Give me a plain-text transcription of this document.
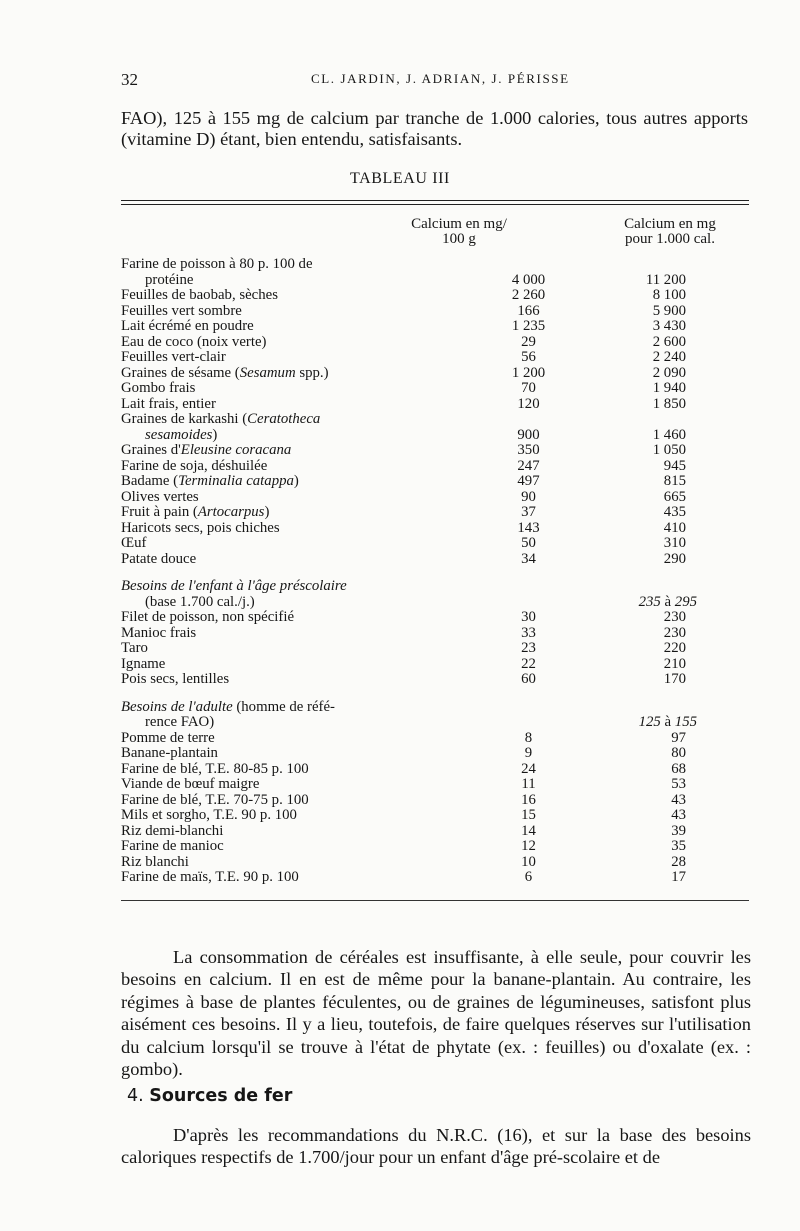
32	CL. JARDIN, J. ADRIAN, J. PÉRISSE
FAO), 125 à 155 mg de calcium par tranche de 1.000 calories, tous autres apports (vitamine D) étant, bien entendu, satisfaisants.
TABLEAU III
Calcium en mg/
100 g
Calcium en mg
pour 1.000 cal.
Farine de poisson à 80 p. 100 de
protéine	4 000	11 200
Feuilles de baobab, sèches	2 260	8 100
Feuilles vert sombre	166	5 900
Lait écrémé en poudre	1 235	3 430
Eau de coco (noix verte)	29	2 600
Feuilles vert-clair	56	2 240
Graines de sésame (Sesamum spp.)	1 200	2 090
Gombo frais	70	1 940
Lait frais, entier	120	1 850
Graines de karkashi (Ceratotheca
sesamoides)	900	1 460
Graines d'Eleusine coracana	350	1 050
Farine de soja, déshuilée	247	945
Badame (Terminalia catappa)	497	815
Olives vertes	90	665
Fruit à pain (Artocarpus)	37	435
Haricots secs, pois chiches	143	410
Œuf	50	310
Patate douce	34	290

Besoins de l'enfant à l'âge préscolaire
(base 1.700 cal./j.)		235 à 295
Filet de poisson, non spécifié	30	230
Manioc frais	33	230
Taro	23	220
Igname	22	210
Pois secs, lentilles	60	170

Besoins de l'adulte (homme de réfé-
rence FAO)		125 à 155
Pomme de terre	8	97
Banane-plantain	9	80
Farine de blé, T.E. 80-85 p. 100	24	68
Viande de bœuf maigre	11	53
Farine de blé, T.E. 70-75 p. 100	16	43
Mils et sorgho, T.E. 90 p. 100	15	43
Riz demi-blanchi	14	39
Farine de manioc	12	35
Riz blanchi	10	28
Farine de maïs, T.E. 90 p. 100	6	17
La consommation de céréales est insuffisante, à elle seule, pour couvrir les besoins en calcium. Il en est de même pour la banane-plantain. Au contraire, les régimes à base de plantes féculentes, ou de graines de légumineuses, satisfont plus aisément ces besoins. Il y a lieu, toutefois, de faire quelques réserves sur l'utilisation du calcium lorsqu'il se trouve à l'état de phytate (ex. : feuilles) ou d'oxalate (ex. : gombo).
4. Sources de fer
D'après les recommandations du N.R.C. (16), et sur la base des besoins caloriques respectifs de 1.700/jour pour un enfant d'âge pré-scolaire et de
